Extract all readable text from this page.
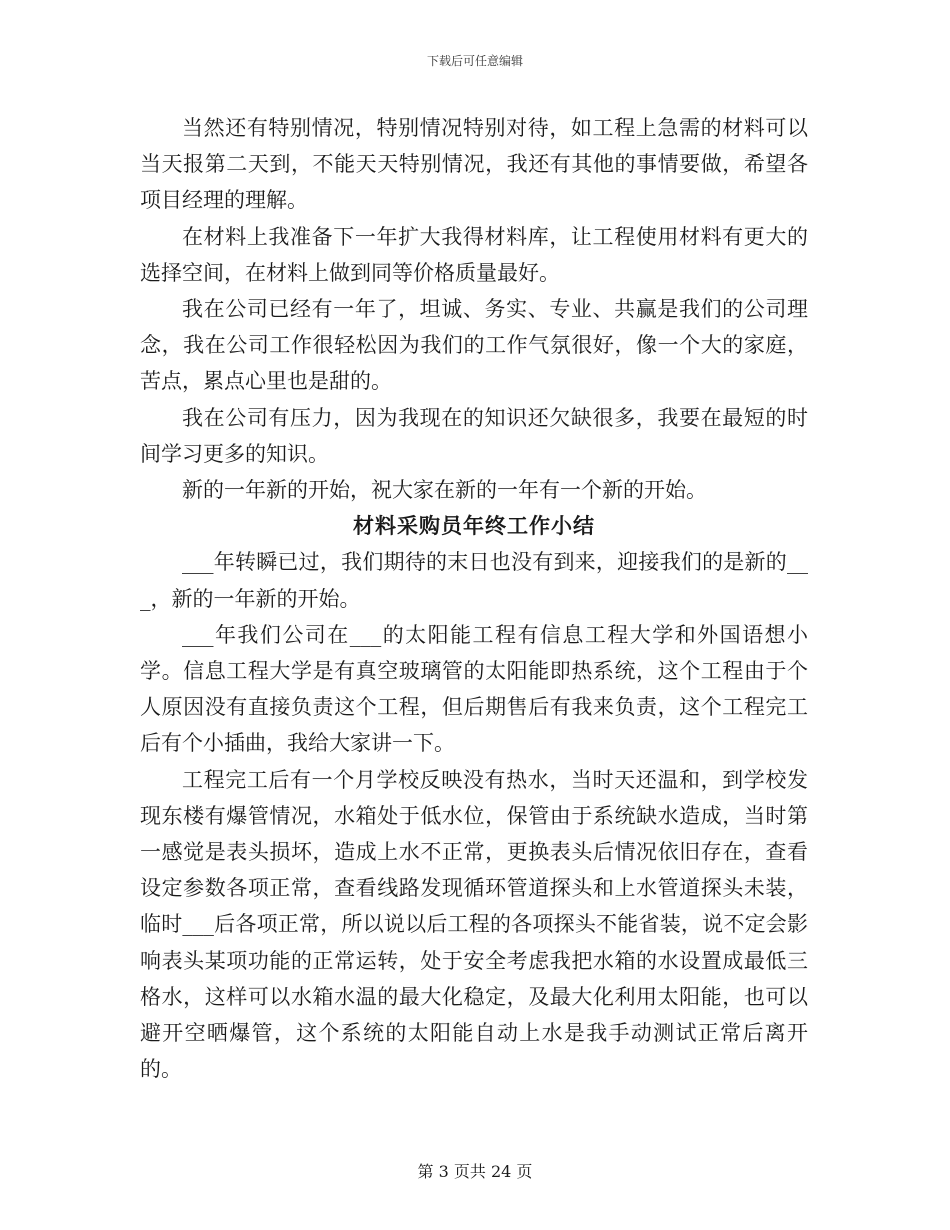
下载后可任意编辑

当然还有特别情况，特别情况特别对待，如工程上急需的材料可以当天报第二天到，不能天天特别情况，我还有其他的事情要做，希望各项目经理的理解。

在材料上我准备下一年扩大我得材料库，让工程使用材料有更大的选择空间，在材料上做到同等价格质量最好。

我在公司已经有一年了，坦诚、务实、专业、共赢是我们的公司理念，我在公司工作很轻松因为我们的工作气氛很好，像一个大的家庭，苦点，累点心里也是甜的。

我在公司有压力，因为我现在的知识还欠缺很多，我要在最短的时间学习更多的知识。

新的一年新的开始，祝大家在新的一年有一个新的开始。

材料采购员年终工作小结

___年转瞬已过，我们期待的末日也没有到来，迎接我们的是新的___，新的一年新的开始。

___年我们公司在___的太阳能工程有信息工程大学和外国语想小学。信息工程大学是有真空玻璃管的太阳能即热系统，这个工程由于个人原因没有直接负责这个工程，但后期售后有我来负责，这个工程完工后有个小插曲，我给大家讲一下。

工程完工后有一个月学校反映没有热水，当时天还温和，到学校发现东楼有爆管情况，水箱处于低水位，保管由于系统缺水造成，当时第一感觉是表头损坏，造成上水不正常，更换表头后情况依旧存在，查看设定参数各项正常，查看线路发现循环管道探头和上水管道探头未装，临时___后各项正常，所以说以后工程的各项探头不能省装，说不定会影响表头某项功能的正常运转，处于安全考虑我把水箱的水设置成最低三格水，这样可以水箱水温的最大化稳定，及最大化利用太阳能，也可以避开空晒爆管，这个系统的太阳能自动上水是我手动测试正常后离开的。

第 3 页共 24 页
